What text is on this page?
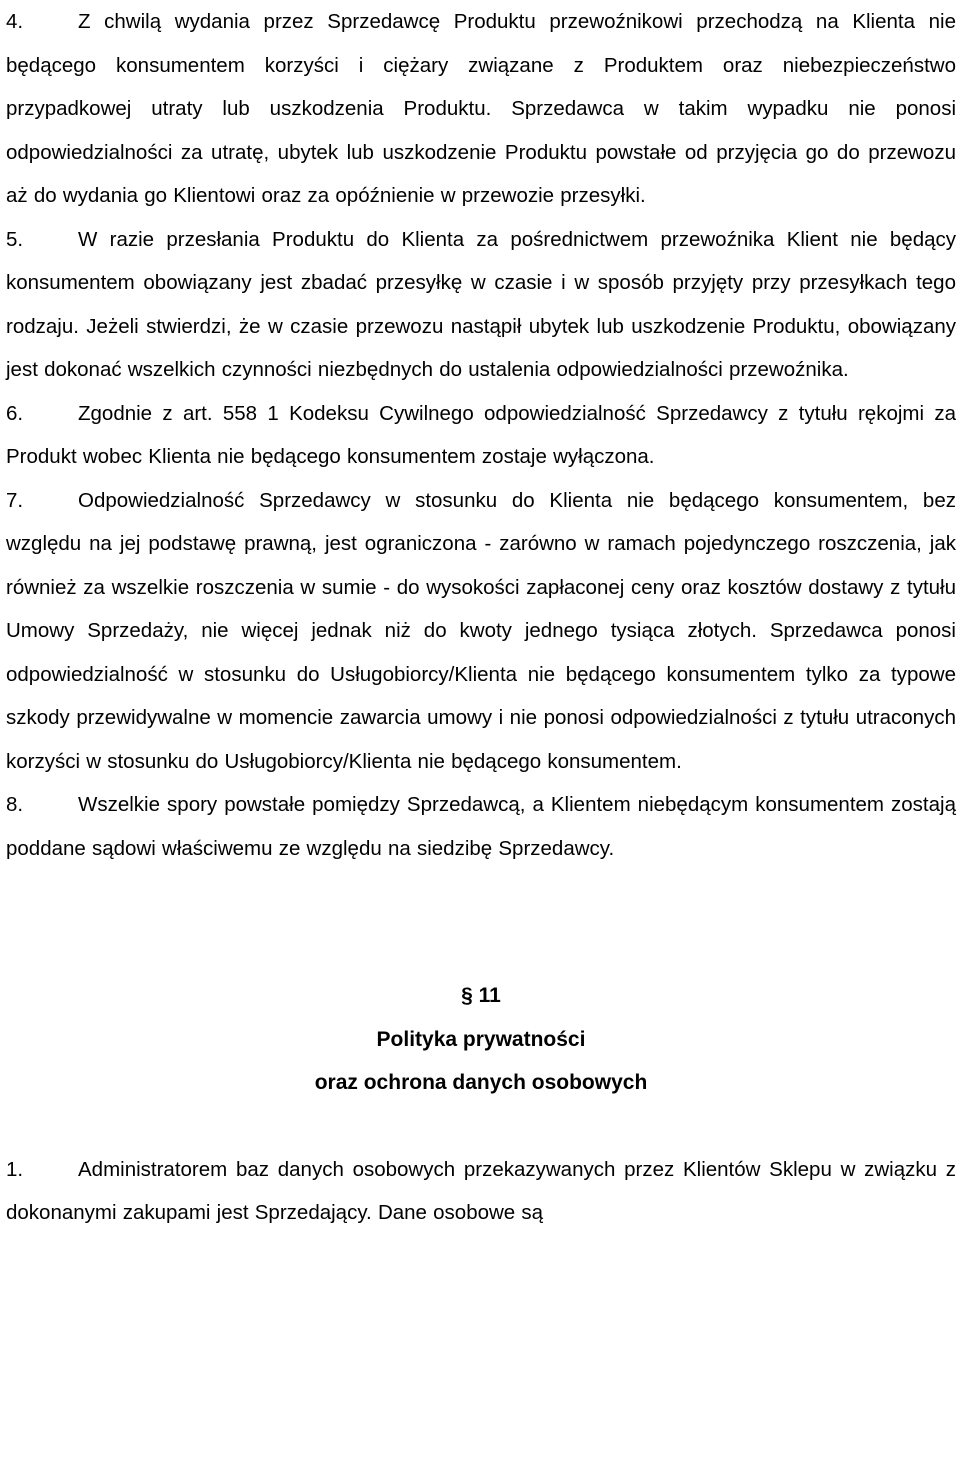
4.	Z chwilą wydania przez Sprzedawcę Produktu przewoźnikowi przechodzą na Klienta nie będącego konsumentem korzyści i ciężary związane z Produktem oraz niebezpieczeństwo przypadkowej utraty lub uszkodzenia Produktu. Sprzedawca w takim wypadku nie ponosi odpowiedzialności za utratę, ubytek lub uszkodzenie Produktu powstałe od przyjęcia go do przewozu aż do wydania go Klientowi oraz za opóźnienie w przewozie przesyłki.

5.	W razie przesłania Produktu do Klienta za pośrednictwem przewoźnika Klient nie będący konsumentem obowiązany jest zbadać przesyłkę w czasie i w sposób przyjęty przy przesyłkach tego rodzaju. Jeżeli stwierdzi, że w czasie przewozu nastąpił ubytek lub uszkodzenie Produktu, obowiązany jest dokonać wszelkich czynności niezbędnych do ustalenia odpowiedzialności przewoźnika.

6.	Zgodnie z art. 558 1 Kodeksu Cywilnego odpowiedzialność Sprzedawcy z tytułu rękojmi za Produkt wobec Klienta nie będącego konsumentem zostaje wyłączona.

7.	Odpowiedzialność Sprzedawcy w stosunku do Klienta nie będącego konsumentem, bez względu na jej podstawę prawną, jest ograniczona - zarówno w ramach pojedynczego roszczenia, jak również za wszelkie roszczenia w sumie - do wysokości zapłaconej ceny oraz kosztów dostawy z tytułu Umowy Sprzedaży, nie więcej jednak niż do kwoty jednego tysiąca złotych. Sprzedawca ponosi odpowiedzialność w stosunku do Usługobiorcy/Klienta nie będącego konsumentem tylko za typowe szkody przewidywalne w momencie zawarcia umowy i nie ponosi odpowiedzialności z tytułu utraconych korzyści w stosunku do Usługobiorcy/Klienta nie będącego konsumentem.

8.	Wszelkie spory powstałe pomiędzy Sprzedawcą, a Klientem niebędącym konsumentem zostają poddane sądowi właściwemu ze względu na siedzibę Sprzedawcy.

§ 11

Polityka prywatności

oraz ochrona danych osobowych

1.	Administratorem baz danych osobowych przekazywanych przez Klientów Sklepu w związku z dokonanymi zakupami jest Sprzedający. Dane osobowe są
